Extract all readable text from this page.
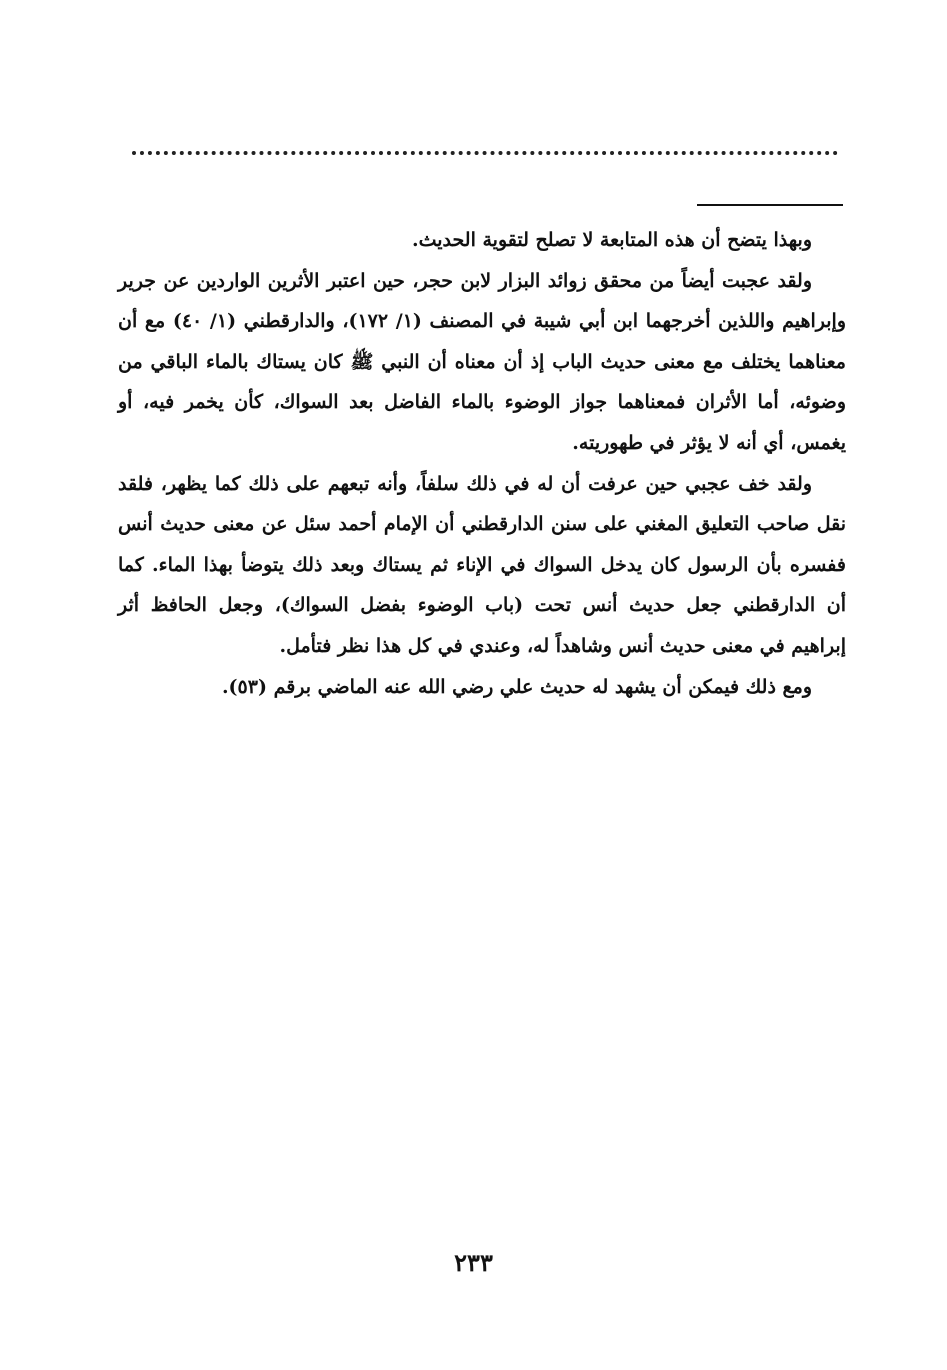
وبهذا يتضح أن هذه المتابعة لا تصلح لتقوية الحديث.

ولقد عجبت أيضاً من محقق زوائد البزار لابن حجر، حين اعتبر الأثرين الواردين عن جرير وإبراهيم واللذين أخرجهما ابن أبي شيبة في المصنف (١/ ١٧٢)، والدارقطني (١/ ٤٠) مع أن معناهما يختلف مع معنى حديث الباب إذ أن معناه أن النبي ﷺ كان يستاك بالماء الباقي من وضوئه، أما الأثران فمعناهما جواز الوضوء بالماء الفاضل بعد السواك، كأن يخمر فيه، أو يغمس، أي أنه لا يؤثر في طهوريته.

ولقد خف عجبي حين عرفت أن له في ذلك سلفاً، وأنه تبعهم على ذلك كما يظهر، فلقد نقل صاحب التعليق المغني على سنن الدارقطني أن الإمام أحمد سئل عن معنى حديث أنس ففسره بأن الرسول كان يدخل السواك في الإناء ثم يستاك وبعد ذلك يتوضأ بهذا الماء. كما أن الدارقطني جعل حديث أنس تحت (باب الوضوء بفضل السواك)، وجعل الحافظ أثر إبراهيم في معنى حديث أنس وشاهداً له، وعندي في كل هذا نظر فتأمل.

ومع ذلك فيمكن أن يشهد له حديث علي رضي الله عنه الماضي برقم (٥٣).

٢٣٣
